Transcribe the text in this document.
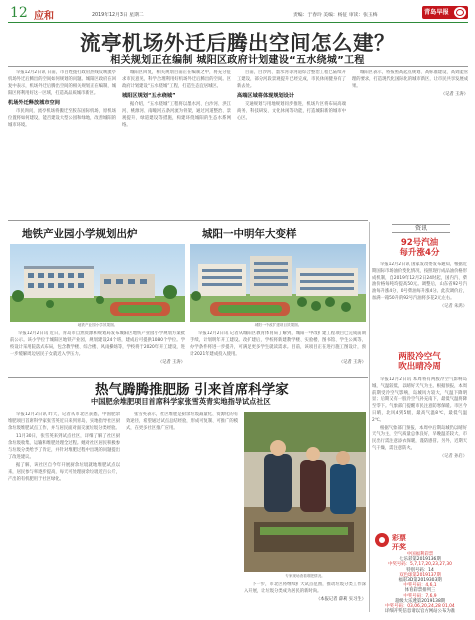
12 应和	2019年12月3日 星期二	责编：于春玲 美编：杨征 审读：张玉梅	青岛早报
流亭机场外迁后腾出空间怎么建？
相关规划正在编制 城阳区政府计划建设“五水绕城”工程

早报12月2日讯 日前，市百姓拨打政府热线反映流亭机场外迁后腾出的空间如何规划的问题。城阳区政府在回复中表示，机场外迁后腾出空间的相关规划正在编制，城阳区将利用好这一区域，打造高品质城市新区。

机场外迁释放城市空间

市民询问，流亭机场将搬迁至胶东国际机场，原机场位置将如何建设，能否建设大型公园和绿地，改善城阳的城市环境。

城阳区回复，相关规划目前正在编制之中，将充分征求市民意见，科学合理利用好机场外迁后腾出的空间。区政府计划建设“五水绕城”工程，打造生态宜居城区。

城阳区规划“五水绕城”

据介绍，“五水绕城”工程将以墨水河、白沙河、洪江河、桃源河、南疃河五条河流为骨架，通过河道整治、景观提升、绿道建设等措施，构建环绕城阳的生态水系网络。

目前，白沙河、墨水河等河道综合整治工程已陆续开工建设，部分河段景观提升已经完成，市民休闲健身有了新去处。

高端区域将体现规划设计

交通规划与用地规划同步推进，机场片区将布局高端商务、科技研发、文化休闲等功能，打造城阳新的城市中心区。

城阳区表示，将按照高起点规划、高标准建设、高效能管理的要求，打造现代化国际化的城市新区，让市民共享发展成果。

（记者 王涛）
资讯
92号汽油
每升涨4分

早报12月2日讯 国家发改委发布通知，根据近期国际市场油价变化情况，按照现行成品油价格形成机制，自2019年12月2日24时起，国内汽、柴油价格每吨均提高50元。调整后，山东省92号汽油每升涨4分，0号柴油每升涨4分。此次调价后，加满一箱50升的92号汽油将多花2元左右。

（记者 朱鸿）
两股冷空气
吹出晴冷周

早报12月2日讯 本周将有两股冷空气影响岛城，气温较低，以晴好天气为主。根据预报，本周前期受冷空气影响，岛城风力较大，气温下降明显；后期又有一股冷空气补充南下，最低气温将降至零下。气象部门提醒市民注意防寒保暖。市区今日晴，北风4到5级，最高气温8℃，最低气温2℃。

根据气象部门预报，本周中后期岛城仍以晴好天气为主，空气质量总体良好，早晚温差较大，市民出行需注意添衣保暖，谨防感冒。另外，近期天气干燥，需注意防火。

（记者 孙启）
彩票
开奖
中国福利彩票
七乐彩第2019136期
中奖号码：5,7,17,20,23,27,30
特别号码：14
双色球第2019137期
福彩3D第2019303期
中奖号码：4,6,1
体育彩票排列三
中奖号码：7,6,9
超级大乐透第2019138期
中奖号码：03,06,20,24,28 01,04
详细开奖信息请以官方网站公布为准
地铁产业园小学规划出炉
地铁产业园小学效果图。

早报12月2日讯 近日，青岛市自然资源和规划局发布城阳区地铁产业园小学规划方案批前公示。该小学位于城阳区地铁产业园，规划建设24个班，建成后可提供1080个学位。学校设计采用院落式布局，包含教学楼、综合楼、风雨操场等，学校将于2020年开工建设，进一步缓解周边居民子女就近入学压力。

（记者 王涛）
城阳一中明年大变样
城阳一中改扩建项目效果图。

早报12月2日讯 记者从城阳区教育体育局了解到，城阳一中改扩建工程项目已完成前期手续，计划明年开工建设。改扩建后，学校将新建教学楼、实验楼、图书馆、学生公寓等，办学条件将进一步提升，可满足更多学生就读需求。目前，该项目正在进行施工图设计，预计2021年建成投入使用。

（记者 王涛）
热气腾腾推肥肠 引来首席科学家
中国肥余堆肥项目首席科学家张雪英青实地指导试点社区

早报12月2日讯 昨天，记者从市北区获悉，中国肥余堆肥项目首席科学家张雪英近日来到青岛，实地指导社区厨余垃圾堆肥试点工作，并与居民面对面交流垃圾分类经验。

11月30日，张雪英来到试点社区，详细了解了社区厨余垃圾收集、运输和堆肥处理全过程。她对社区居民积极参与垃圾分类给予了肯定，并针对堆肥过程中出现的问题提出了改进建议。

据了解，该社区自今年开展厨余垃圾就地堆肥试点以来，居民参与率逐步提高，每天可处理厨余垃圾近百公斤，产出的有机肥用于社区绿化。

张雪英表示，社区堆肥是厨余垃圾减量化、资源化的有效途径，希望通过试点总结经验，形成可复制、可推广的模式，在更多社区推广应用。

专家现场查看堆肥情况。

下一步，市北区将继续扩大试点范围，推动垃圾分类工作深入开展，让垃圾分类成为居民的新时尚。

（本报记者 薛莉 实习生）
